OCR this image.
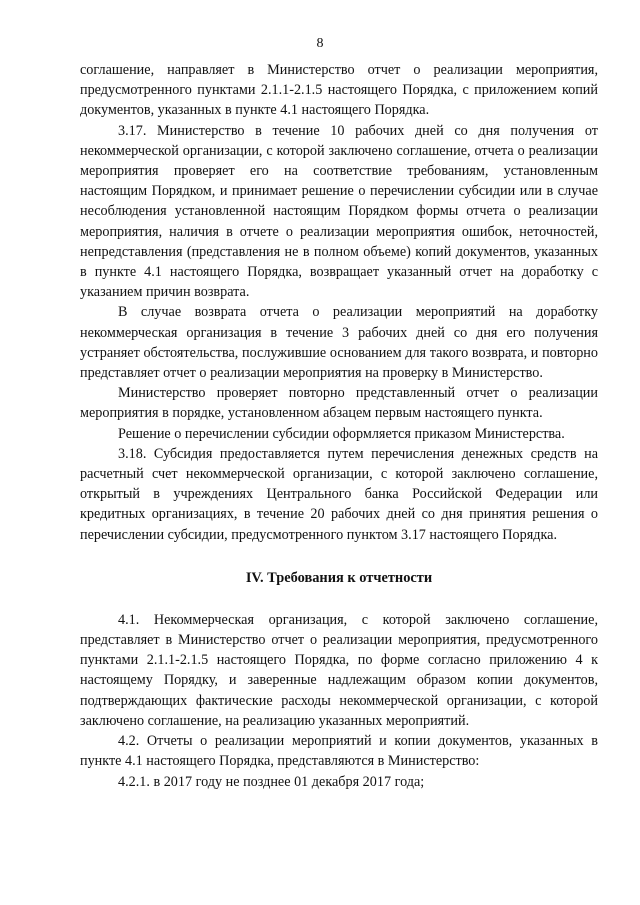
8

соглашение, направляет в Министерство отчет о реализации мероприятия, предусмотренного пунктами 2.1.1-2.1.5 настоящего Порядка, с приложением копий документов, указанных в пункте 4.1 настоящего Порядка.

3.17. Министерство в течение 10 рабочих дней со дня получения от некоммерческой организации, с которой заключено соглашение, отчета о реализации мероприятия проверяет его на соответствие требованиям, установленным настоящим Порядком, и принимает решение о перечислении субсидии или в случае несоблюдения установленной настоящим Порядком формы отчета о реализации мероприятия, наличия в отчете о реализации мероприятия ошибок, неточностей, непредставления (представления не в полном объеме) копий документов, указанных в пункте 4.1 настоящего Порядка, возвращает указанный отчет на доработку с указанием причин возврата.

В случае возврата отчета о реализации мероприятий на доработку некоммерческая организация в течение 3 рабочих дней со дня его получения устраняет обстоятельства, послужившие основанием для такого возврата, и повторно представляет отчет о реализации мероприятия на проверку в Министерство.

Министерство проверяет повторно представленный отчет о реализации мероприятия в порядке, установленном абзацем первым настоящего пункта.

Решение о перечислении субсидии оформляется приказом Министерства.

3.18. Субсидия предоставляется путем перечисления денежных средств на расчетный счет некоммерческой организации, с которой заключено соглашение, открытый в учреждениях Центрального банка Российской Федерации или кредитных организациях, в течение 20 рабочих дней со дня принятия решения о перечислении субсидии, предусмотренного пунктом 3.17 настоящего Порядка.

IV. Требования к отчетности

4.1. Некоммерческая организация, с которой заключено соглашение, представляет в Министерство отчет о реализации мероприятия, предусмотренного пунктами 2.1.1-2.1.5 настоящего Порядка, по форме согласно приложению 4 к настоящему Порядку, и заверенные надлежащим образом копии документов, подтверждающих фактические расходы некоммерческой организации, с которой заключено соглашение, на реализацию указанных мероприятий.

4.2. Отчеты о реализации мероприятий и копии документов, указанных в пункте 4.1 настоящего Порядка, представляются в Министерство:

4.2.1. в 2017 году не позднее 01 декабря 2017 года;
